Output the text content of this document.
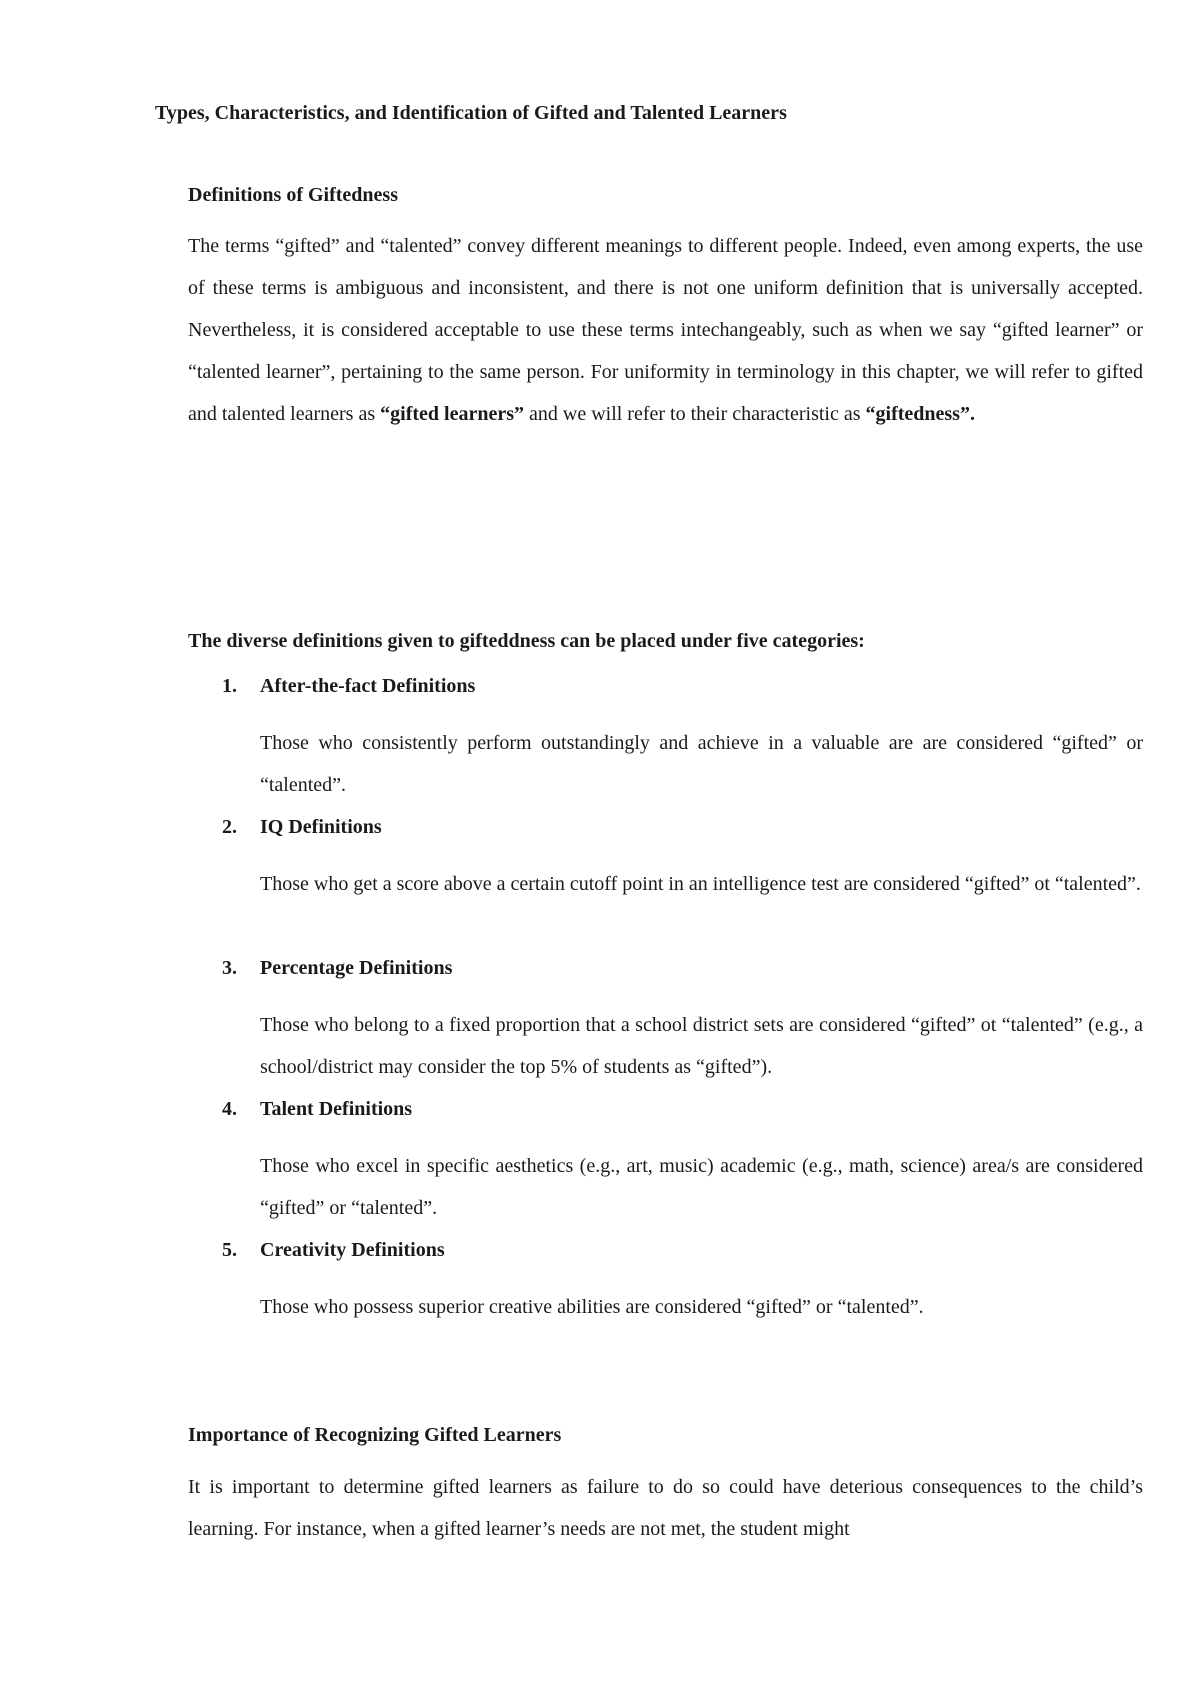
Types, Characteristics, and Identification of Gifted and Talented Learners
Definitions of Giftedness

The terms “gifted” and “talented” convey different meanings to different people. Indeed, even among experts, the use of these terms is ambiguous and inconsistent, and there is not one uniform definition that is universally accepted. Nevertheless, it is considered acceptable to use these terms intechangeably, such as when we say “gifted learner” or “talented learner”, pertaining to the same person. For uniformity in terminology in this chapter, we will refer to gifted and talented learners as “gifted learners” and we will refer to their characteristic as “giftedness”.

The diverse definitions given to gifteddness can be placed under five categories:

1. After-the-fact Definitions

Those who consistently perform outstandingly and achieve in a valuable are are considered “gifted” or “talented”.

2. IQ Definitions

Those who get a score above a certain cutoff point in an intelligence test are considered “gifted” ot “talented”.

3. Percentage Definitions

Those who belong to a fixed proportion that a school district sets are considered “gifted” ot “talented” (e.g., a school/district may consider the top 5% of students as “gifted”).

4. Talent Definitions

Those who excel in specific aesthetics (e.g., art, music) academic (e.g., math, science) area/s are considered “gifted” or “talented”.

5. Creativity Definitions

Those who possess superior creative abilities are considered “gifted” or “talented”.

Importance of Recognizing Gifted Learners

It is important to determine gifted learners as failure to do so could have deterious consequences to the child’s learning. For instance, when a gifted learner’s needs are not met, the student might
